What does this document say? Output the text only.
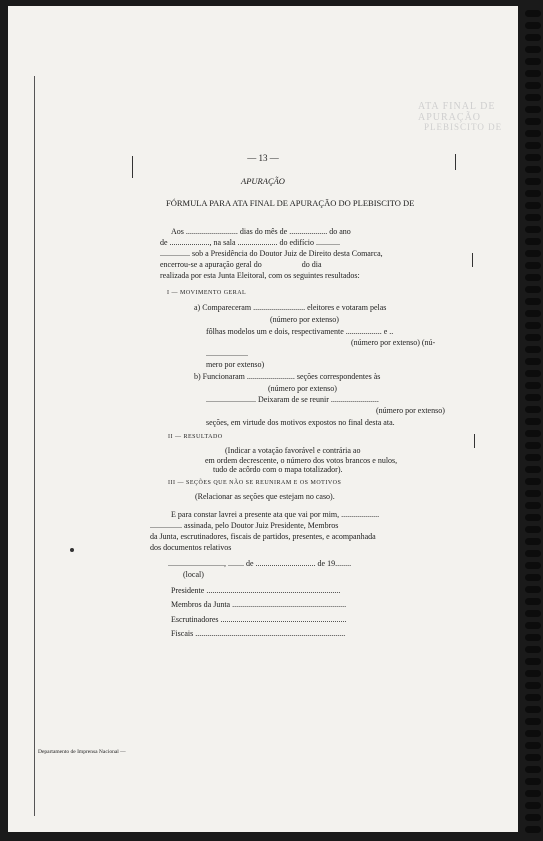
ATA FINAL DE APURAÇÃO
PLEBISCITO DE
— 13 —
APURAÇÃO
FÓRMULA PARA ATA FINAL DE APURAÇÃO DO PLEBISCITO DE
Aos .......................... dias do mês de ................... do ano
de ...................., na sala .................... do edifício ............
............... sob a Presidência do Doutor Juiz de Direito desta Comarca,
encerrou-se a apuração geral do                    do dia
realizada por esta Junta Eleitoral, com os seguintes resultados:
I — MOVIMENTO GERAL
a) Compareceram .......................... eleitores e votaram pelas
(número por extenso)
fôlhas modelos um e dois, respectivamente .................. e ..
(número por extenso) (nú-
.....................
mero por extenso)
b) Funcionaram ........................ seções correspondentes às
(número por extenso)
......................... Deixaram de se reunir ........................
(número por extenso)
seções, em virtude dos motivos expostos no final desta ata.
II — RESULTADO
(Indicar a votação favorável e contrária ao
em ordem decrescente, o número dos votos brancos e nulos,
tudo de acôrdo com o mapa totalizador).
III — SEÇÕES QUE NÃO SE REUNIRAM E OS MOTIVOS
(Relacionar as seções que estejam no caso).
E para constar lavrei a presente ata que vai por mim, ...................
................ assinada, pelo Doutor Juiz Presidente, Membros
da Junta, escrutinadores, fiscais de partidos, presentes, e acompanhada
dos documentos relativos
............................, ........ de .............................. de 19........
(local)
Presidente ...................................................................
Membros da Junta .........................................................
Escrutinadores ...............................................................
Fiscais ...........................................................................
Departamento de Imprensa Nacional —
